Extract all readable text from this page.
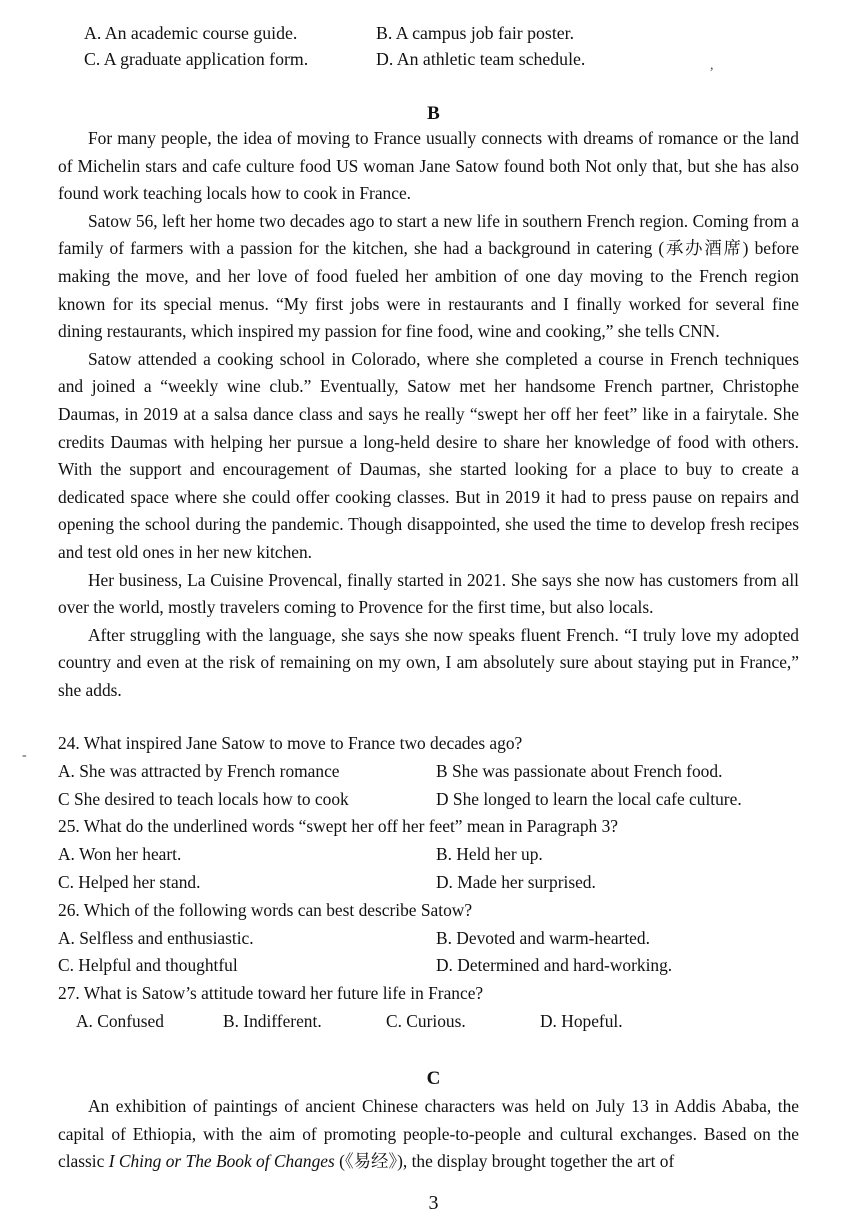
A. An academic course guide.	B. A campus job fair poster.
C. A graduate application form.	D. An athletic team schedule.
B

For many people, the idea of moving to France usually connects with dreams of romance or the land of Michelin stars and cafe culture food US woman Jane Satow found both Not only that, but she has also found work teaching locals how to cook in France.

Satow 56, left her home two decades ago to start a new life in southern French region. Coming from a family of farmers with a passion for the kitchen, she had a background in catering (承办酒席) before making the move, and her love of food fueled her ambition of one day moving to the French region known for its special menus. “My first jobs were in restaurants and I finally worked for several fine dining restaurants, which inspired my passion for fine food, wine and cooking,” she tells CNN.

Satow attended a cooking school in Colorado, where she completed a course in French techniques and joined a “weekly wine club.” Eventually, Satow met her handsome French partner, Christophe Daumas, in 2019 at a salsa dance class and says he really “swept her off her feet” like in a fairytale. She credits Daumas with helping her pursue a long-held desire to share her knowledge of food with others. With the support and encouragement of Daumas, she started looking for a place to buy to create a dedicated space where she could offer cooking classes. But in 2019 it had to press pause on repairs and opening the school during the pandemic. Though disappointed, she used the time to develop fresh recipes and test old ones in her new kitchen.

Her business, La Cuisine Provencal, finally started in 2021. She says she now has customers from all over the world, mostly travelers coming to Provence for the first time, but also locals.

After struggling with the language, she says she now speaks fluent French. “I truly love my adopted country and even at the risk of remaining on my own, I am absolutely sure about staying put in France,” she adds.

24. What inspired Jane Satow to move to France two decades ago?
A. She was attracted by French romance	B She was passionate about French food.
C She desired to teach locals how to cook	D She longed to learn the local cafe culture.
25. What do the underlined words “swept her off her feet” mean in Paragraph 3?
A. Won her heart.	B. Held her up.
C. Helped her stand.	D. Made her surprised.
26. Which of the following words can best describe Satow?
A. Selfless and enthusiastic.	B. Devoted and warm-hearted.
C. Helpful and thoughtful	D. Determined and hard-working.
27. What is Satow’s attitude toward her future life in France?
A. Confused	B. Indifferent.	C. Curious.	D. Hopeful.
C

An exhibition of paintings of ancient Chinese characters was held on July 13 in Addis Ababa, the capital of Ethiopia, with the aim of promoting people-to-people and cultural exchanges. Based on the classic I Ching or The Book of Changes (《易经》), the display brought together the art of

3
,
-
